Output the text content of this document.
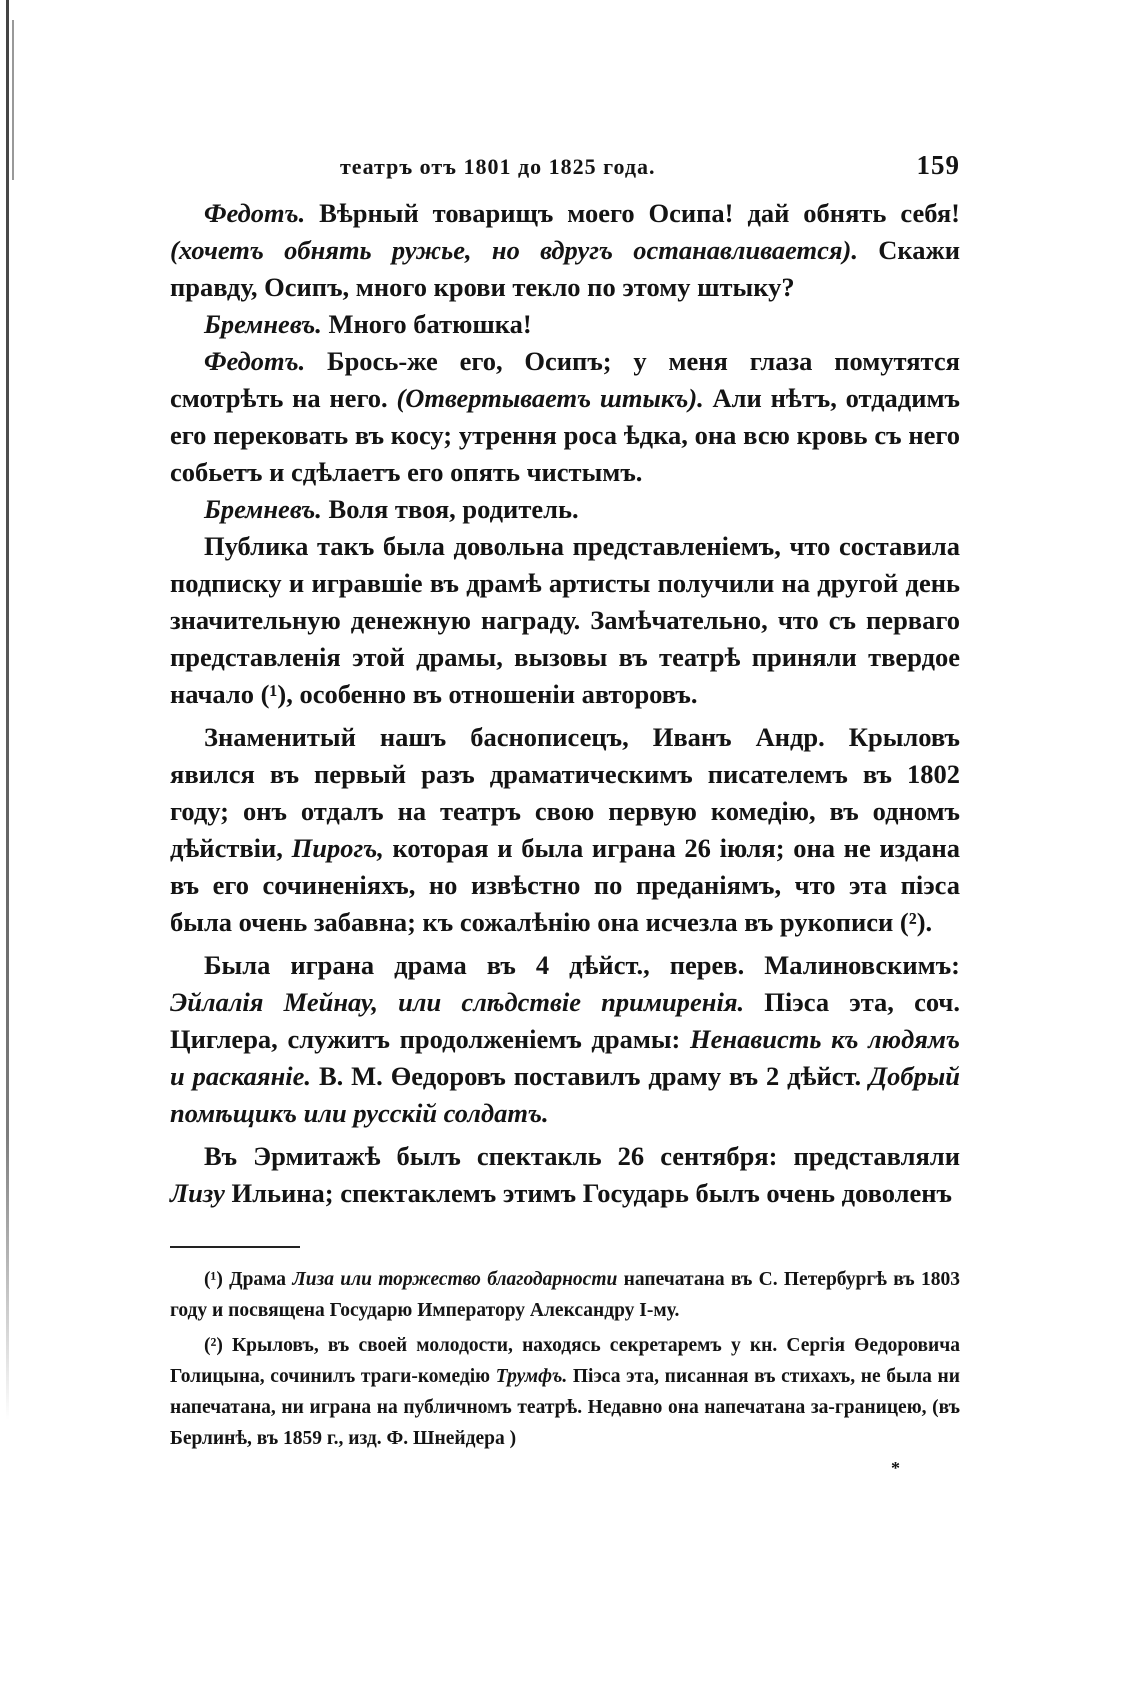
театръ отъ 1801 до 1825 года.	159

Федотъ. Вѣрный товарищъ моего Осипа! дай обнять себя! (хочетъ обнять ружье, но вдругъ останавливается). Скажи правду, Осипъ, много крови текло по этому штыку?

Бремневъ. Много батюшка!

Федотъ. Брось-же его, Осипъ; у меня глаза помутятся смотрѣть на него. (Отвертываетъ штыкъ). Али нѣтъ, отдадимъ его перековать въ косу; утрення роса ѣдка, она всю кровь съ него собьетъ и сдѣлаетъ его опять чистымъ.

Бремневъ. Воля твоя, родитель.

Публика такъ была довольна представленіемъ, что составила подписку и игравшіе въ драмѣ артисты получили на другой день значительную денежную награду. Замѣчательно, что съ перваго представленія этой драмы, вызовы въ театрѣ приняли твердое начало (¹), особенно въ отношеніи авторовъ.

Знаменитый нашъ баснописецъ, Иванъ Андр. Крыловъ явился въ первый разъ драматическимъ писателемъ въ 1802 году; онъ отдалъ на театръ свою первую комедію, въ одномъ дѣйствіи, Пирогъ, которая и была играна 26 іюля; она не издана въ его сочиненіяхъ, но извѣстно по преданіямъ, что эта піэса была очень забавна; къ сожалѣнію она исчезла въ рукописи (²).

Была играна драма въ 4 дѣйст., перев. Малиновскимъ: Эйлалія Мейнау, или слѣдствіе примиренія. Піэса эта, соч. Циглера, служитъ продолженіемъ драмы: Ненависть къ людямъ и раскаяніе. В. М. Өедоровъ поставилъ драму въ 2 дѣйст. Добрый помѣщикъ или русскій солдатъ.

Въ Эрмитажѣ былъ спектакль 26 сентября: представляли Лизу Ильина; спектаклемъ этимъ Государь былъ очень доволенъ

(¹) Драма Лиза или торжество благодарности напечатана въ С. Петербургѣ въ 1803 году и посвящена Государю Императору Александру I-му.

(²) Крыловъ, въ своей молодости, находясь секретаремъ у кн. Сергія Өедоровича Голицына, сочинилъ траги-комедію Трумфъ. Піэса эта, писанная въ стихахъ, не была ни напечатана, ни играна на публичномъ театрѣ. Недавно она напечатана за-границею, (въ Берлинѣ, въ 1859 г., изд. Ф. Шнейдера )

*
